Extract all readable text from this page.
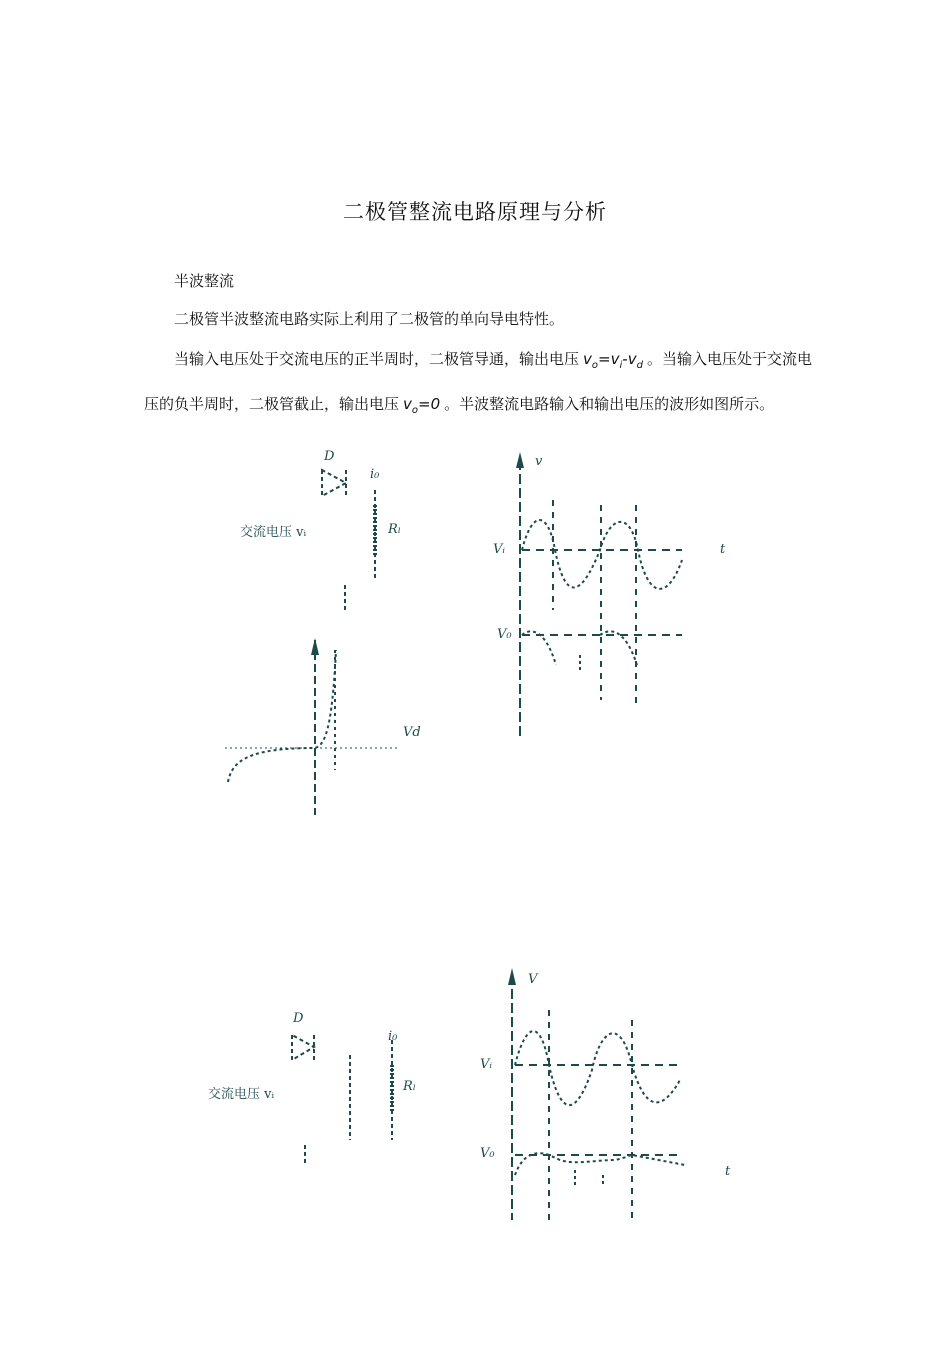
二极管整流电路原理与分析
半波整流

二极管半波整流电路实际上利用了二极管的单向导电特性。

当输入电压处于交流电压的正半周时，二极管导通，输出电压 $v_o=v_i-v_d$ 。当输入电压处于交流电压的负半周时，二极管截止，输出电压 $v_o=0$ 。半波整流电路输入和输出电压的波形如图所示。

D
i₀
Rₗ
交流电压 vᵢ
v
t
Vᵢ
V₀
Vd
D
i₀
Rₗ
交流电压 vᵢ
V
t
Vᵢ
V₀
